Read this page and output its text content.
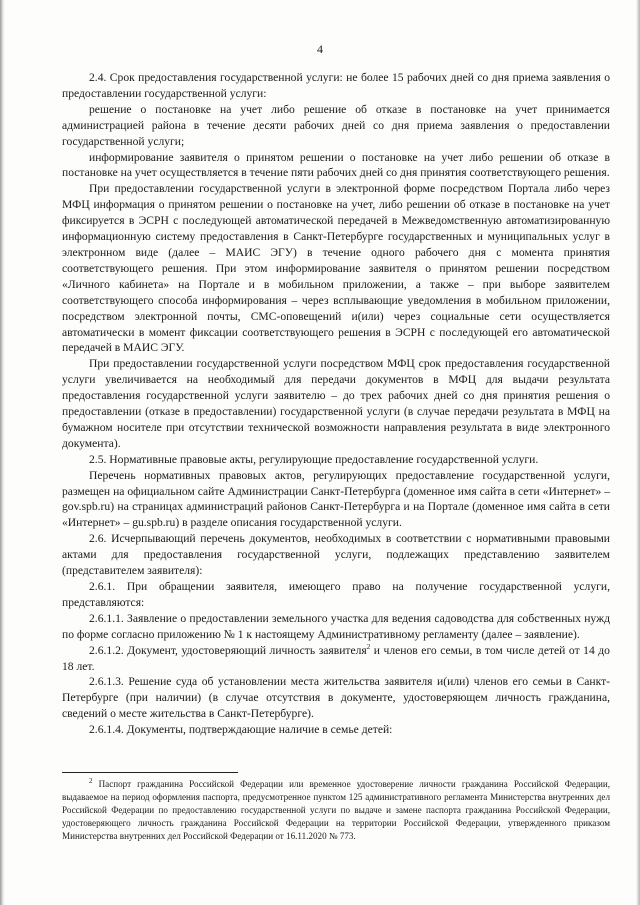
4

2.4. Срок предоставления государственной услуги: не более 15 рабочих дней со дня приема заявления о предоставлении государственной услуги:

решение о постановке на учет либо решение об отказе в постановке на учет принимается администрацией района в течение десяти рабочих дней со дня приема заявления о предоставлении государственной услуги;

информирование заявителя о принятом решении о постановке на учет либо решении об отказе в постановке на учет осуществляется в течение пяти рабочих дней со дня принятия соответствующего решения.

При предоставлении государственной услуги в электронной форме посредством Портала либо через МФЦ информация о принятом решении о постановке на учет, либо решении об отказе в постановке на учет фиксируется в ЭСРН с последующей автоматической передачей в Межведомственную автоматизированную информационную систему предоставления в Санкт-Петербурге государственных и муниципальных услуг в электронном виде (далее – МАИС ЭГУ) в течение одного рабочего дня с момента принятия соответствующего решения. При этом информирование заявителя о принятом решении посредством «Личного кабинета» на Портале и в мобильном приложении, а также – при выборе заявителем соответствующего способа информирования – через всплывающие уведомления в мобильном приложении, посредством электронной почты, СМС-оповещений и(или) через социальные сети осуществляется автоматически в момент фиксации соответствующего решения в ЭСРН с последующей его автоматической передачей в МАИС ЭГУ.

При предоставлении государственной услуги посредством МФЦ срок предоставления государственной услуги увеличивается на необходимый для передачи документов в МФЦ для выдачи результата предоставления государственной услуги заявителю – до трех рабочих дней со дня принятия решения о предоставлении (отказе в предоставлении) государственной услуги (в случае передачи результата в МФЦ на бумажном носителе при отсутствии технической возможности направления результата в виде электронного документа).

2.5. Нормативные правовые акты, регулирующие предоставление государственной услуги.

Перечень нормативных правовых актов, регулирующих предоставление государственной услуги, размещен на официальном сайте Администрации Санкт-Петербурга (доменное имя сайта в сети «Интернет» – gov.spb.ru) на страницах администраций районов Санкт-Петербурга и на Портале (доменное имя сайта в сети «Интернет» – gu.spb.ru) в разделе описания государственной услуги.

2.6. Исчерпывающий перечень документов, необходимых в соответствии с нормативными правовыми актами для предоставления государственной услуги, подлежащих представлению заявителем (представителем заявителя):

2.6.1. При обращении заявителя, имеющего право на получение государственной услуги, представляются:

2.6.1.1. Заявление о предоставлении земельного участка для ведения садоводства для собственных нужд по форме согласно приложению № 1 к настоящему Административному регламенту (далее – заявление).

2.6.1.2. Документ, удостоверяющий личность заявителя$^2$ и членов его семьи, в том числе детей от 14 до 18 лет.

2.6.1.3. Решение суда об установлении места жительства заявителя и(или) членов его семьи в Санкт-Петербурге (при наличии) (в случае отсутствия в документе, удостоверяющем личность гражданина, сведений о месте жительства в Санкт-Петербурге).

2.6.1.4. Документы, подтверждающие наличие в семье детей:

$^2$ Паспорт гражданина Российской Федерации или временное удостоверение личности гражданина Российской Федерации, выдаваемое на период оформления паспорта, предусмотренное пунктом 125 административного регламента Министерства внутренних дел Российской Федерации по предоставлению государственной услуги по выдаче и замене паспорта гражданина Российской Федерации, удостоверяющего личность гражданина Российской Федерации на территории Российской Федерации, утвержденного приказом Министерства внутренних дел Российской Федерации от 16.11.2020 № 773.
